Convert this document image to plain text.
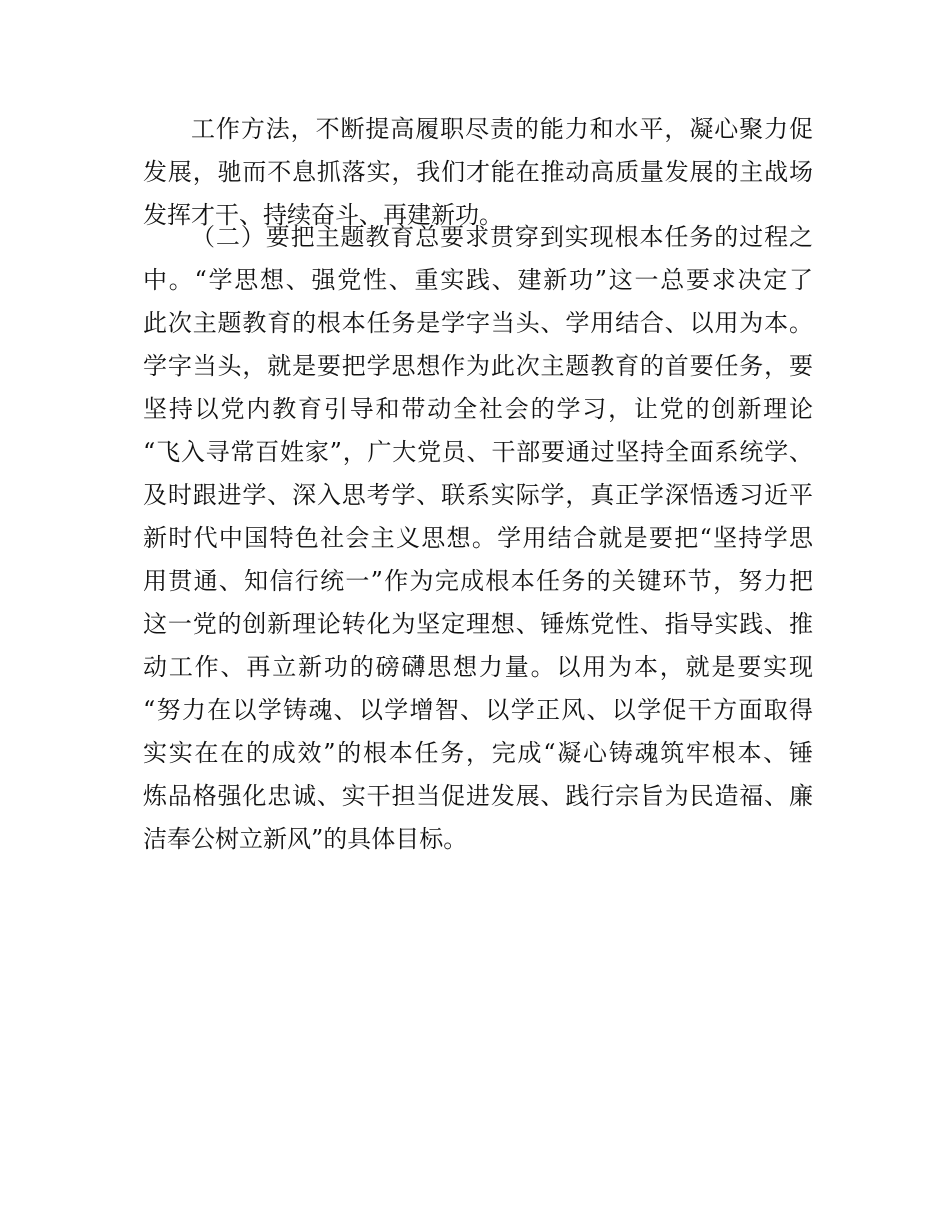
工作方法，不断提高履职尽责的能力和水平，凝心聚力促
发展，驰而不息抓落实，我们才能在推动高质量发展的主战场
发挥才干、持续奋斗、再建新功。
（二）要把主题教育总要求贯穿到实现根本任务的过程之
中。“学思想、强党性、重实践、建新功”这一总要求决定了
此次主题教育的根本任务是学字当头、学用结合、以用为本。
学字当头，就是要把学思想作为此次主题教育的首要任务，要
坚持以党内教育引导和带动全社会的学习，让党的创新理论
“飞入寻常百姓家”，广大党员、干部要通过坚持全面系统学、
及时跟进学、深入思考学、联系实际学，真正学深悟透习近平
新时代中国特色社会主义思想。学用结合就是要把“坚持学思
用贯通、知信行统一”作为完成根本任务的关键环节，努力把
这一党的创新理论转化为坚定理想、锤炼党性、指导实践、推
动工作、再立新功的磅礴思想力量。以用为本，就是要实现
“努力在以学铸魂、以学增智、以学正风、以学促干方面取得
实实在在的成效”的根本任务，完成“凝心铸魂筑牢根本、锤
炼品格强化忠诚、实干担当促进发展、践行宗旨为民造福、廉
洁奉公树立新风”的具体目标。
